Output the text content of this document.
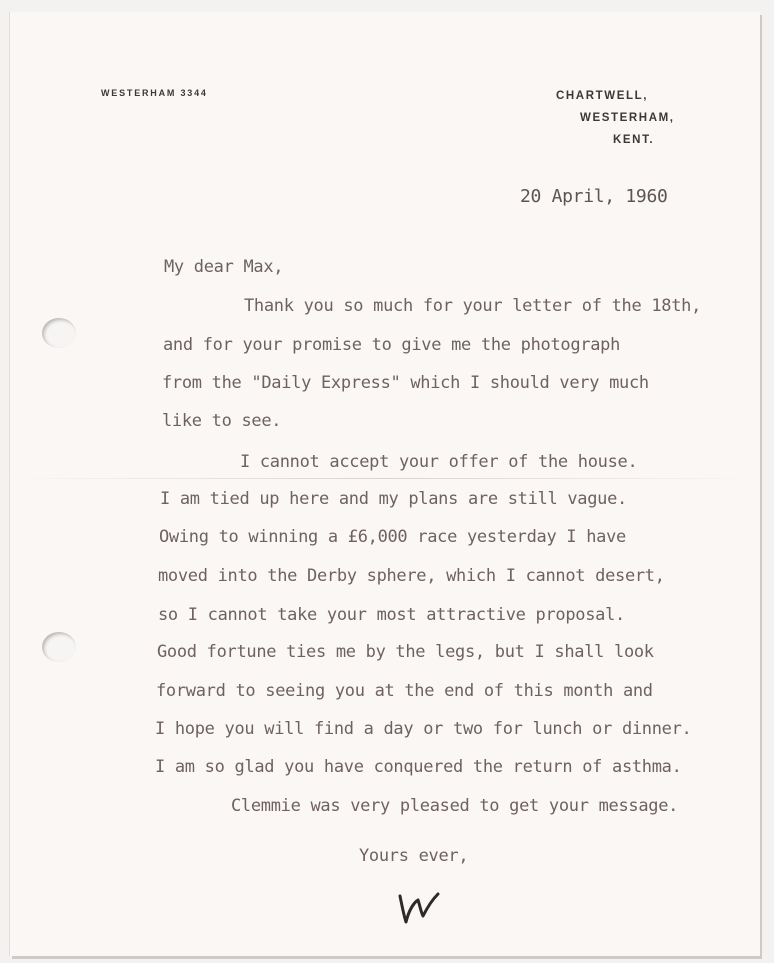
WESTERHAM 3344	CHARTWELL,
WESTERHAM,
KENT.
20 April, 1960
My dear Max,
Thank you so much for your letter of the 18th,
and for your promise to give me the photograph
from the "Daily Express" which I should very much
like to see.
I cannot accept your offer of the house.
I am tied up here and my plans are still vague.
Owing to winning a £6,000 race yesterday I have
moved into the Derby sphere, which I cannot desert,
so I cannot take your most attractive proposal.
Good fortune ties me by the legs, but I shall look
forward to seeing you at the end of this month and
I hope you will find a day or two for lunch or dinner.
I am so glad you have conquered the return of asthma.
Clemmie was very pleased to get your message.
Yours ever,
